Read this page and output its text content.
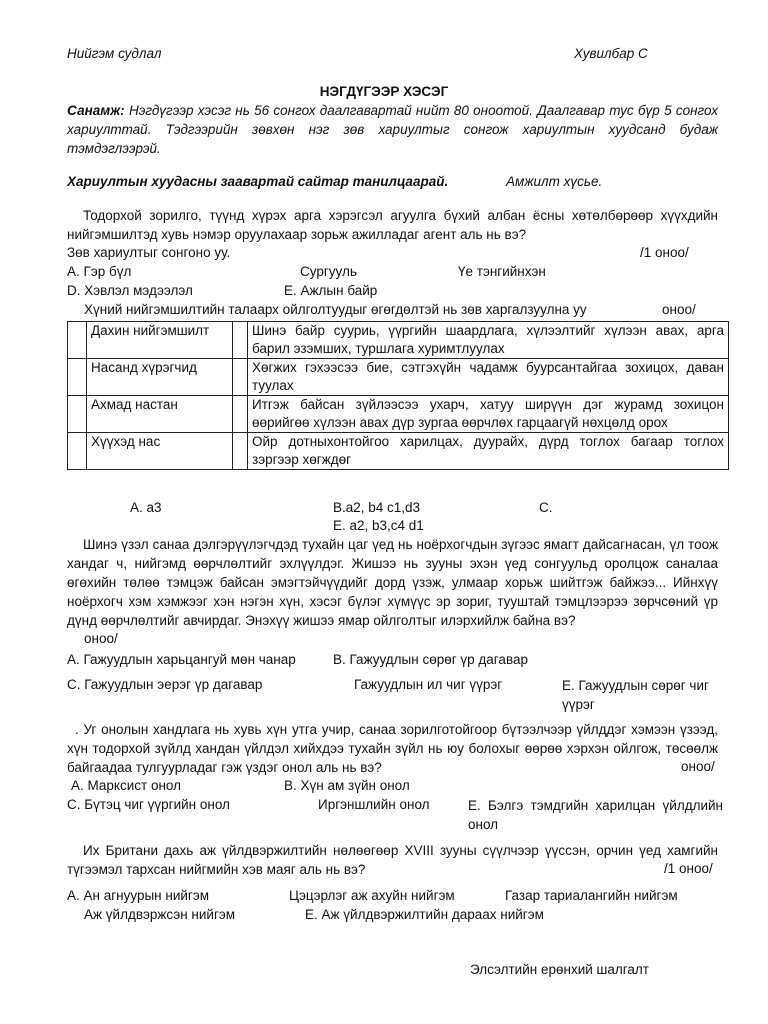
Нийгэм судлал	Хувилбар С
НЭГДҮГЭЭР ХЭСЭГ
Санамж: Нэгдүгээр хэсэг нь 56 сонгох даалгавартай нийт 80 оноотой. Даалгавар тус бүр 5 сонгох хариулттай. Тэдгээрийн зөвхөн нэг зөв хариултыг сонгож хариултын хуудсанд будаж тэмдэглээрэй.
Хариултын хуудасны заавартай сайтар танилцаарай.	Амжилт хүсье.
Тодорхой зорилго, түүнд хүрэх арга хэрэгсэл агуулга бүхий албан ёсны хөтөлбөрөөр хүүхдийн нийгэмшилтэд хувь нэмэр оруулахаар зорьж ажилладаг агент аль нь вэ?
Зөв хариултыг сонгоно уу.	/1 оноо/
А. Гэр бүл	Сургууль	Үе тэнгийнхэн
D. Хэвлэл мэдээлэл	Е. Ажлын байр
Хүний нийгэмшилтийн талаарх ойлголтуудыг өгөгдөлтэй нь зөв харгалзуулна уу	оноо/
	Дахин нийгэмшилт		Шинэ байр сууриь, үүргийн шаардлага, хүлээлтийг хүлээн авах, арга барил эзэмших, туршлага хуримтлуулах
	Насанд хүрэгчид		Хөгжих гэхээсээ бие, сэтгэхүйн чадамж буурсантайгаа зохицох, даван туулах
	Ахмад настан		Итгэж байсан зүйлээсээ ухарч, хатуу ширүүн дэг журамд зохицон өөрийгөө хүлээн авах дүр зургаа өөрчлөх гарцаагүй нөхцөлд орох
	Хүүхэд нас		Ойр дотныхонтойгоо харилцах, дуурайх, дүрд тоглох багаар тоглох зэргээр хөгждөг
А. а3	B.a2, b4 c1,d3	С.
Е. а2, b3,c4 d1
Шинэ үзэл санаа дэлгэрүүлэгчдэд тухайн цаг үед нь ноёрхогчдын зүгээс ямагт дайсагнасан, үл тоож хандаг ч, нийгэмд өөрчлөлтийг эхлүүлдэг. Жишээ нь зууны эхэн үед сонгуульд оролцож саналаа өгөхийн төлөө тэмцэж байсан эмэгтэйчүүдийг дорд үзэж, улмаар хорьж шийтгэж байжээ... Ийнхүү ноёрхогч хэм хэмжээг хэн нэгэн хүн, хэсэг бүлэг хүмүүс эр зориг, тууштай тэмцлээрээ зөрчсөний үр дүнд өөрчлөлтийг авчирдаг. Энэхүү жишээ ямар ойлголтыг илэрхийлж байна вэ?
оноо/
А. Гажуудлын харьцангуй мөн чанар	B. Гажуудлын сөрөг үр дагавар
С. Гажуудлын эерэг үр дагавар	Гажуудлын ил чиг үүрэг	Е. Гажуудлын сөрөг чиг үүрэг
. Уг онолын хандлага нь хувь хүн утга учир, санаа зорилготойгоор бүтээлчээр үйлддэг хэмээн үзээд, хүн тодорхой зүйлд хандан үйлдэл хийхдээ тухайн зүйл нь юу болохыг өөрөө хэрхэн ойлгож, төсөөлж байгаадаа тулгуурладаг гэж үздэг онол аль нь вэ?	оноо/
А. Марксист онол	B. Хүн ам зүйн онол
С. Бүтэц чиг үүргийн онол	Иргэншлийн онол	Е. Бэлгэ тэмдгийн харилцан үйлдлийн онол
Их Британи дахь аж үйлдвэржилтийн нөлөөгөөр XVIII зууны сүүлчээр үүссэн, орчин үед хамгийн түгээмэл тархсан нийгмийн хэв маяг аль нь вэ?	/1 оноо/
А. Ан агнуурын нийгэм	Цэцэрлэг аж ахуйн нийгэм	Газар тариалангийн нийгэм
Аж үйлдвэржсэн нийгэм	Е. Аж үйлдвэржилтийн дараах нийгэм
Элсэлтийн ерөнхий шалгалт
